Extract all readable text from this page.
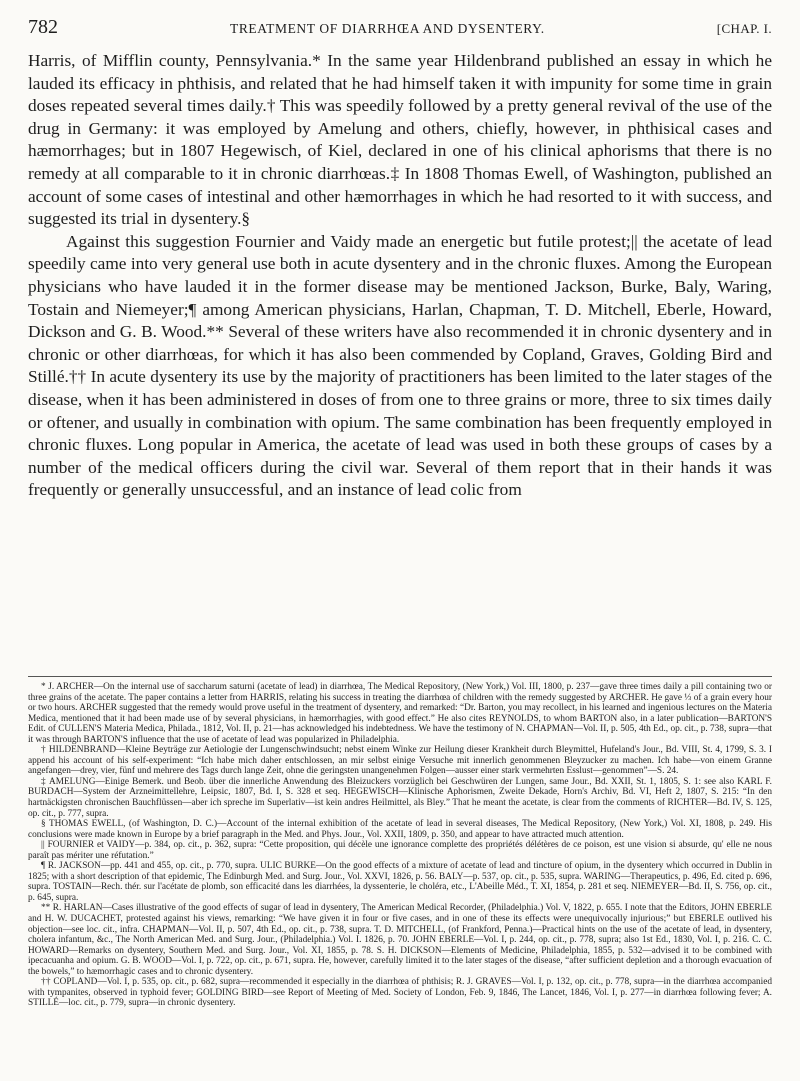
782	TREATMENT OF DIARRHŒA AND DYSENTERY.	[CHAP. I.

Harris, of Mifflin county, Pennsylvania.* In the same year Hildenbrand published an essay in which he lauded its efficacy in phthisis, and related that he had himself taken it with impunity for some time in grain doses repeated several times daily.† This was speedily followed by a pretty general revival of the use of the drug in Germany: it was employed by Amelung and others, chiefly, however, in phthisical cases and hæmorrhages; but in 1807 Hegewisch, of Kiel, declared in one of his clinical aphorisms that there is no remedy at all comparable to it in chronic diarrhœas.‡ In 1808 Thomas Ewell, of Washington, published an account of some cases of intestinal and other hæmorrhages in which he had resorted to it with success, and suggested its trial in dysentery.§

Against this suggestion Fournier and Vaidy made an energetic but futile protest;|| the acetate of lead speedily came into very general use both in acute dysentery and in the chronic fluxes. Among the European physicians who have lauded it in the former disease may be mentioned Jackson, Burke, Baly, Waring, Tostain and Niemeyer;¶ among American physicians, Harlan, Chapman, T. D. Mitchell, Eberle, Howard, Dickson and G. B. Wood.** Several of these writers have also recommended it in chronic dysentery and in chronic or other diarrhœas, for which it has also been commended by Copland, Graves, Golding Bird and Stillé.†† In acute dysentery its use by the majority of practitioners has been limited to the later stages of the disease, when it has been administered in doses of from one to three grains or more, three to six times daily or oftener, and usually in combination with opium. The same combination has been frequently employed in chronic fluxes. Long popular in America, the acetate of lead was used in both these groups of cases by a number of the medical officers during the civil war. Several of them report that in their hands it was frequently or generally unsuccessful, and an instance of lead colic from

* J. ARCHER—On the internal use of saccharum saturni (acetate of lead) in diarrhœa, The Medical Repository, (New York,) Vol. III, 1800, p. 237—gave three times daily a pill containing two or three grains of the acetate. The paper contains a letter from HARRIS, relating his success in treating the diarrhœa of children with the remedy suggested by ARCHER. He gave ⅓ of a grain every hour or two hours. ARCHER suggested that the remedy would prove useful in the treatment of dysentery, and remarked: “Dr. Barton, you may recollect, in his learned and ingenious lectures on the Materia Medica, mentioned that it had been made use of by several physicians, in hæmorrhagies, with good effect.” He also cites REYNOLDS, to whom BARTON also, in a later publication—BARTON'S Edit. of CULLEN'S Materia Medica, Philada., 1812, Vol. II, p. 21—has acknowledged his indebtedness. We have the testimony of N. CHAPMAN—Vol. II, p. 505, 4th Ed., op. cit., p. 738, supra—that it was through BARTON'S influence that the use of acetate of lead was popularized in Philadelphia.

† HILDENBRAND—Kleine Beyträge zur Aetiologie der Lungenschwindsucht; nebst einem Winke zur Heilung dieser Krankheit durch Bleymittel, Hufeland's Jour., Bd. VIII, St. 4, 1799, S. 3. I append his account of his self-experiment: “Ich habe mich daher entschlossen, an mir selbst einige Versuche mit innerlich genommenen Bleyzucker zu machen. Ich habe—von einem Granne angefangen—drey, vier, fünf und mehrere des Tags durch lange Zeit, ohne die geringsten unangenehmen Folgen—ausser einer stark vermehrten Esslust—genommen”—S. 24.

‡ AMELUNG—Einige Bemerk. und Beob. über die innerliche Anwendung des Bleizuckers vorzüglich bei Geschwüren der Lungen, same Jour., Bd. XXII, St. 1, 1805, S. 1: see also KARL F. BURDACH—System der Arzneimittellehre, Leipsic, 1807, Bd. I, S. 328 et seq. HEGEWISCH—Klinische Aphorismen, Zweite Dekade, Horn's Archiv, Bd. VI, Heft 2, 1807, S. 215: “In den hartnäckigsten chronischen Bauchflüssen—aber ich spreche im Superlativ—ist kein andres Heilmittel, als Bley.” That he meant the acetate, is clear from the comments of RICHTER—Bd. IV, S. 125, op. cit., p. 777, supra.

§ THOMAS EWELL, (of Washington, D. C.)—Account of the internal exhibition of the acetate of lead in several diseases, The Medical Repository, (New York,) Vol. XI, 1808, p. 249. His conclusions were made known in Europe by a brief paragraph in the Med. and Phys. Jour., Vol. XXII, 1809, p. 350, and appear to have attracted much attention.

|| FOURNIER et VAIDY—p. 384, op. cit., p. 362, supra: “Cette proposition, qui décèle une ignorance complette des propriétés délétères de ce poison, est une vision si absurde, qu' elle ne nous paraît pas mériter une réfutation.”

¶ R. JACKSON—pp. 441 and 455, op. cit., p. 770, supra. ULIC BURKE—On the good effects of a mixture of acetate of lead and tincture of opium, in the dysentery which occurred in Dublin in 1825; with a short description of that epidemic, The Edinburgh Med. and Surg. Jour., Vol. XXVI, 1826, p. 56. BALY—p. 537, op. cit., p. 535, supra. WARING—Therapeutics, p. 496, Ed. cited p. 696, supra. TOSTAIN—Rech. thér. sur l'acétate de plomb, son efficacité dans les diarrhées, la dyssenterie, le choléra, etc., L'Abeille Méd., T. XI, 1854, p. 281 et seq. NIEMEYER—Bd. II, S. 756, op. cit., p. 645, supra.

** R. HARLAN—Cases illustrative of the good effects of sugar of lead in dysentery, The American Medical Recorder, (Philadelphia.) Vol. V, 1822, p. 655. I note that the Editors, JOHN EBERLE and H. W. DUCACHET, protested against his views, remarking: “We have given it in four or five cases, and in one of these its effects were unequivocally injurious;” but EBERLE outlived his objection—see loc. cit., infra. CHAPMAN—Vol. II, p. 507, 4th Ed., op. cit., p. 738, supra. T. D. MITCHELL, (of Frankford, Penna.)—Practical hints on the use of the acetate of lead, in dysentery, cholera infantum, &c., The North American Med. and Surg. Jour., (Philadelphia.) Vol. I. 1826, p. 70. JOHN EBERLE—Vol. I, p. 244, op. cit., p. 778, supra; also 1st Ed., 1830, Vol. I, p. 216. C. C. HOWARD—Remarks on dysentery, Southern Med. and Surg. Jour., Vol. XI, 1855, p. 78. S. H. DICKSON—Elements of Medicine, Philadelphia, 1855, p. 532—advised it to be combined with ipecacuanha and opium. G. B. WOOD—Vol. I, p. 722, op. cit., p. 671, supra. He, however, carefully limited it to the later stages of the disease, “after sufficient depletion and a thorough evacuation of the bowels,” to hæmorrhagic cases and to chronic dysentery.

†† COPLAND—Vol. I, p. 535, op. cit., p. 682, supra—recommended it especially in the diarrhœa of phthisis; R. J. GRAVES—Vol. I, p. 132, op. cit., p. 778, supra—in the diarrhœa accompanied with tympanites, observed in typhoid fever; GOLDING BIRD—see Report of Meeting of Med. Society of London, Feb. 9, 1846, The Lancet, 1846, Vol. I, p. 277—in diarrhœa following fever; A. STILLÉ—loc. cit., p. 779, supra—in chronic dysentery.
